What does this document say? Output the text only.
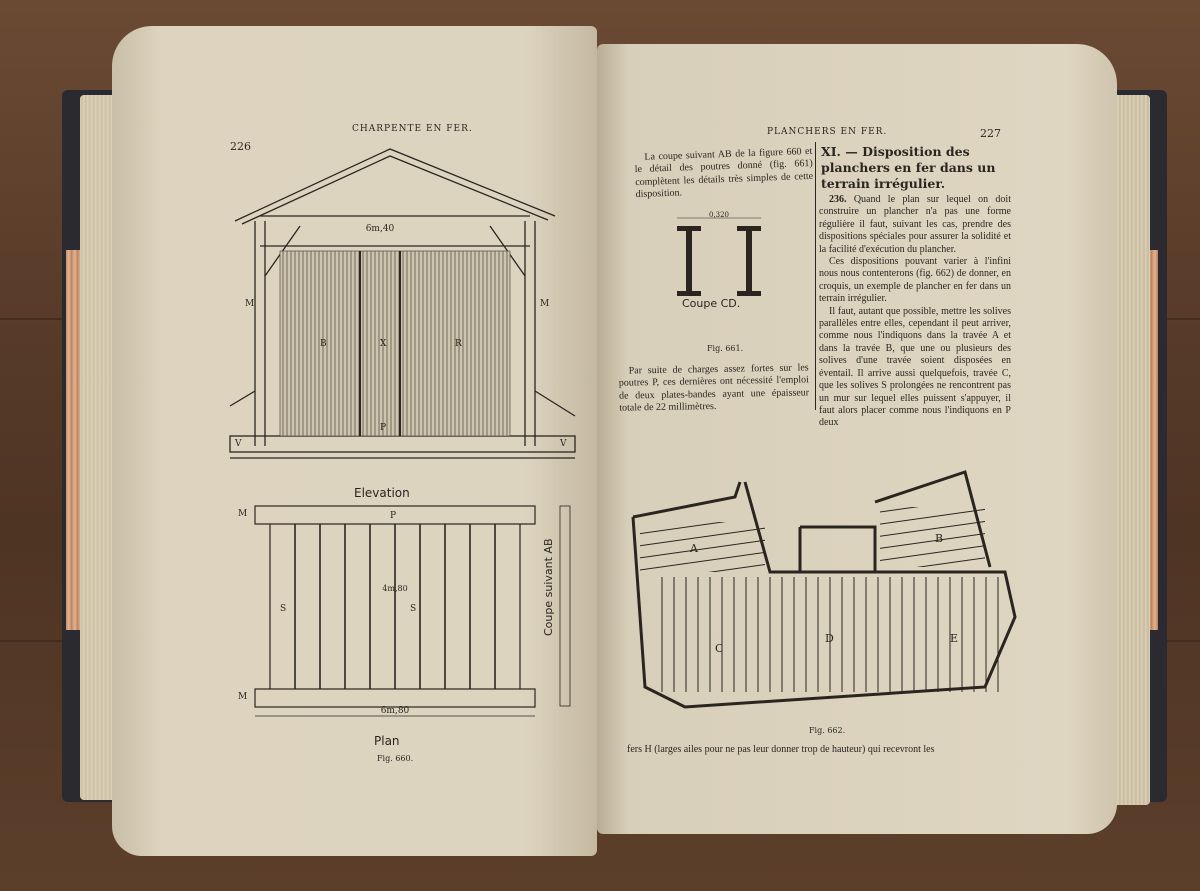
CHARPENTE EN FER.
226
6m,40
B	X	R
M	M
V	V
P
Elevation
M
M
S	S
P
6m,80
4m,80	Coupe suivant AB
Plan
Fig. 660.
PLANCHERS EN FER.	227

La coupe suivant AB de la figure 660 et le détail des poutres donné (fig. 661) complètent les détails très simples de cette disposition.

0,320
Coupe CD.
Fig. 661.

Par suite de charges assez fortes sur les poutres P, ces dernières ont nécessité l'emploi de deux plates-bandes ayant une épaisseur totale de 22 millimètres.

XI. — Disposition des planchers en fer dans un terrain irrégulier.

236. Quand le plan sur lequel on doit construire un plancher n'a pas une forme régulière il faut, suivant les cas, prendre des dispositions spéciales pour assurer la solidité et la facilité d'exécution du plancher.

Ces dispositions pouvant varier à l'infini nous nous contenterons (fig. 662) de donner, en croquis, un exemple de plancher en fer dans un terrain irrégulier.

Il faut, autant que possible, mettre les solives parallèles entre elles, cependant il peut arriver, comme nous l'indiquons dans la travée A et dans la travée B, que une ou plusieurs des solives d'une travée soient disposées en éventail. Il arrive aussi quelquefois, travée C, que les solives S prolongées ne rencontrent pas un mur sur lequel elles puissent s'appuyer, il faut alors placer comme nous l'indiquons en P deux

A
B
C
D	E
Fig. 662.
fers H (larges ailes pour ne pas leur donner trop de hauteur) qui recevront les
